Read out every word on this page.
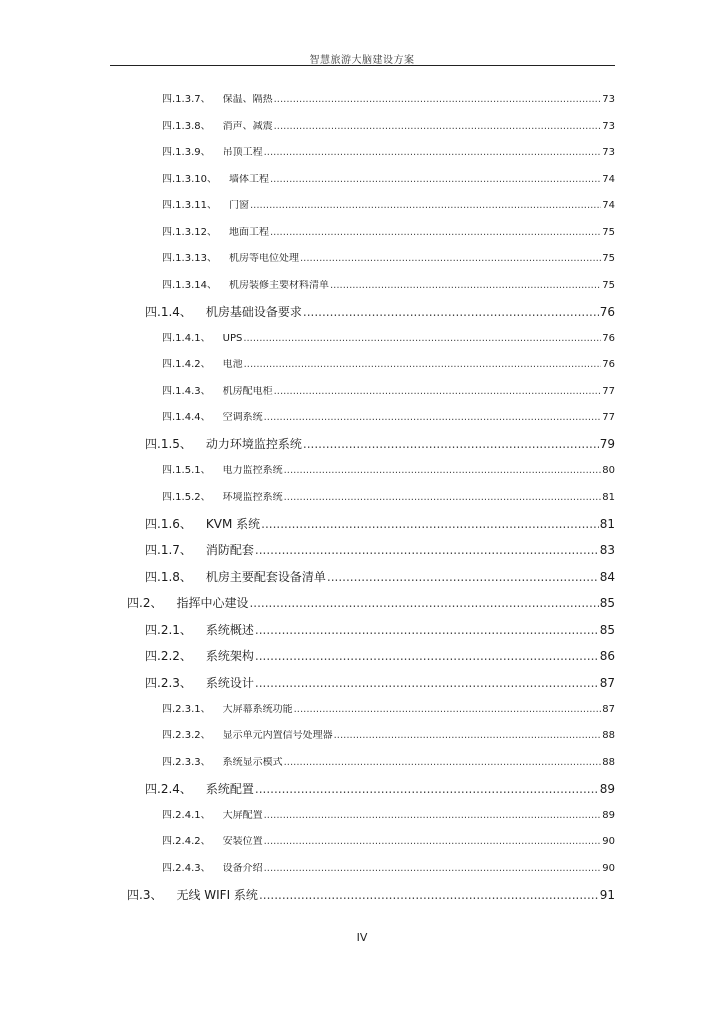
智慧旅游大脑建设方案
四.1.3.7、 保温、隔热 .....	73
四.1.3.8、 消声、减震 .....	73
四.1.3.9、 吊顶工程 .....	73
四.1.3.10、 墙体工程 .....	74
四.1.3.11、 门窗 .....	74
四.1.3.12、 地面工程 .....	75
四.1.3.13、 机房等电位处理 .....	75
四.1.3.14、 机房装修主要材料清单 .....	75
四.1.4、 机房基础设备要求 .....	76
四.1.4.1、 UPS .....	76
四.1.4.2、 电池 .....	76
四.1.4.3、 机房配电柜 .....	77
四.1.4.4、 空调系统 .....	77
四.1.5、 动力环境监控系统 .....	79
四.1.5.1、 电力监控系统 .....	80
四.1.5.2、 环境监控系统 .....	81
四.1.6、 KVM 系统 .....	81
四.1.7、 消防配套 .....	83
四.1.8、 机房主要配套设备清单 .....	84
四.2、 指挥中心建设 .....	85
四.2.1、 系统概述 .....	85
四.2.2、 系统架构 .....	86
四.2.3、 系统设计 .....	87
四.2.3.1、 大屏幕系统功能 .....	87
四.2.3.2、 显示单元内置信号处理器 .....	88
四.2.3.3、 系统显示模式 .....	88
四.2.4、 系统配置 .....	89
四.2.4.1、 大屏配置 .....	89
四.2.4.2、 安装位置 .....	90
四.2.4.3、 设备介绍 .....	90
四.3、 无线 WIFI 系统 .....	91
IV
